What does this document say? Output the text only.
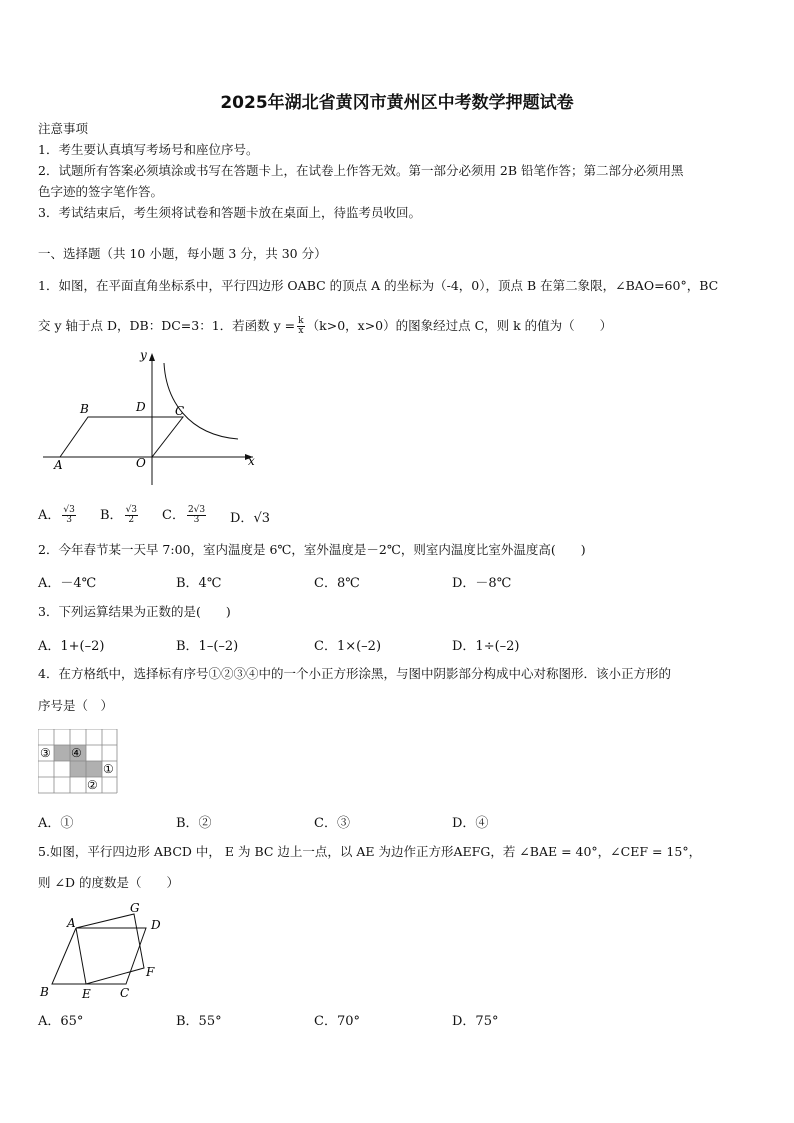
2025年湖北省黄冈市黄州区中考数学押题试卷
注意事项
1．考生要认真填写考场号和座位序号。
2．试题所有答案必须填涂或书写在答题卡上，在试卷上作答无效。第一部分必须用 2B 铅笔作答；第二部分必须用黑
色字迹的签字笔作答。
3．考试结束后，考生须将试卷和答题卡放在桌面上，待监考员收回。
一、选择题（共 10 小题，每小题 3 分，共 30 分）
1．如图，在平面直角坐标系中，平行四边形 OABC 的顶点 A 的坐标为（-4，0），顶点 B 在第二象限，∠BAO=60°，BC
交 y 轴于点 D，DB：DC=3：1．若函数 $y = \frac{k}{x} (k>0$，x>0）的图象经过点 C，则 k 的值为（　　）
y
B	D C
A	O	x
A． $\frac{√3}{3}$ B． $\frac{√3}{2}$ C． $\frac{2√3}{3}$ D．√3
2．今年春节某一天早 7:00，室内温度是 6℃，室外温度是－2℃，则室内温度比室外温度高(　　)
A．－4℃	B．4℃	C．8℃	D．－8℃
3．下列运算结果为正数的是(　　)
A．1+(–2)	B．1–(–2)	C．1×(–2)	D．1÷(–2)
4．在方格纸中，选择标有序号①②③④中的一个小正方形涂黑，与图中阴影部分构成中心对称图形．该小正方形的
序号是（　）
③ ④
①
②
A．①	B．②	C．③	D．④
5.如图，平行四边形 ABCD 中， E 为 BC 边上一点，以 AE 为边作正方形AEFG，若 ∠BAE = 40°，∠CEF = 15°，
则 ∠D 的度数是（　　）
A
G
D
F
B	E C
A．65°	B．55°	C．70°	D．75°
